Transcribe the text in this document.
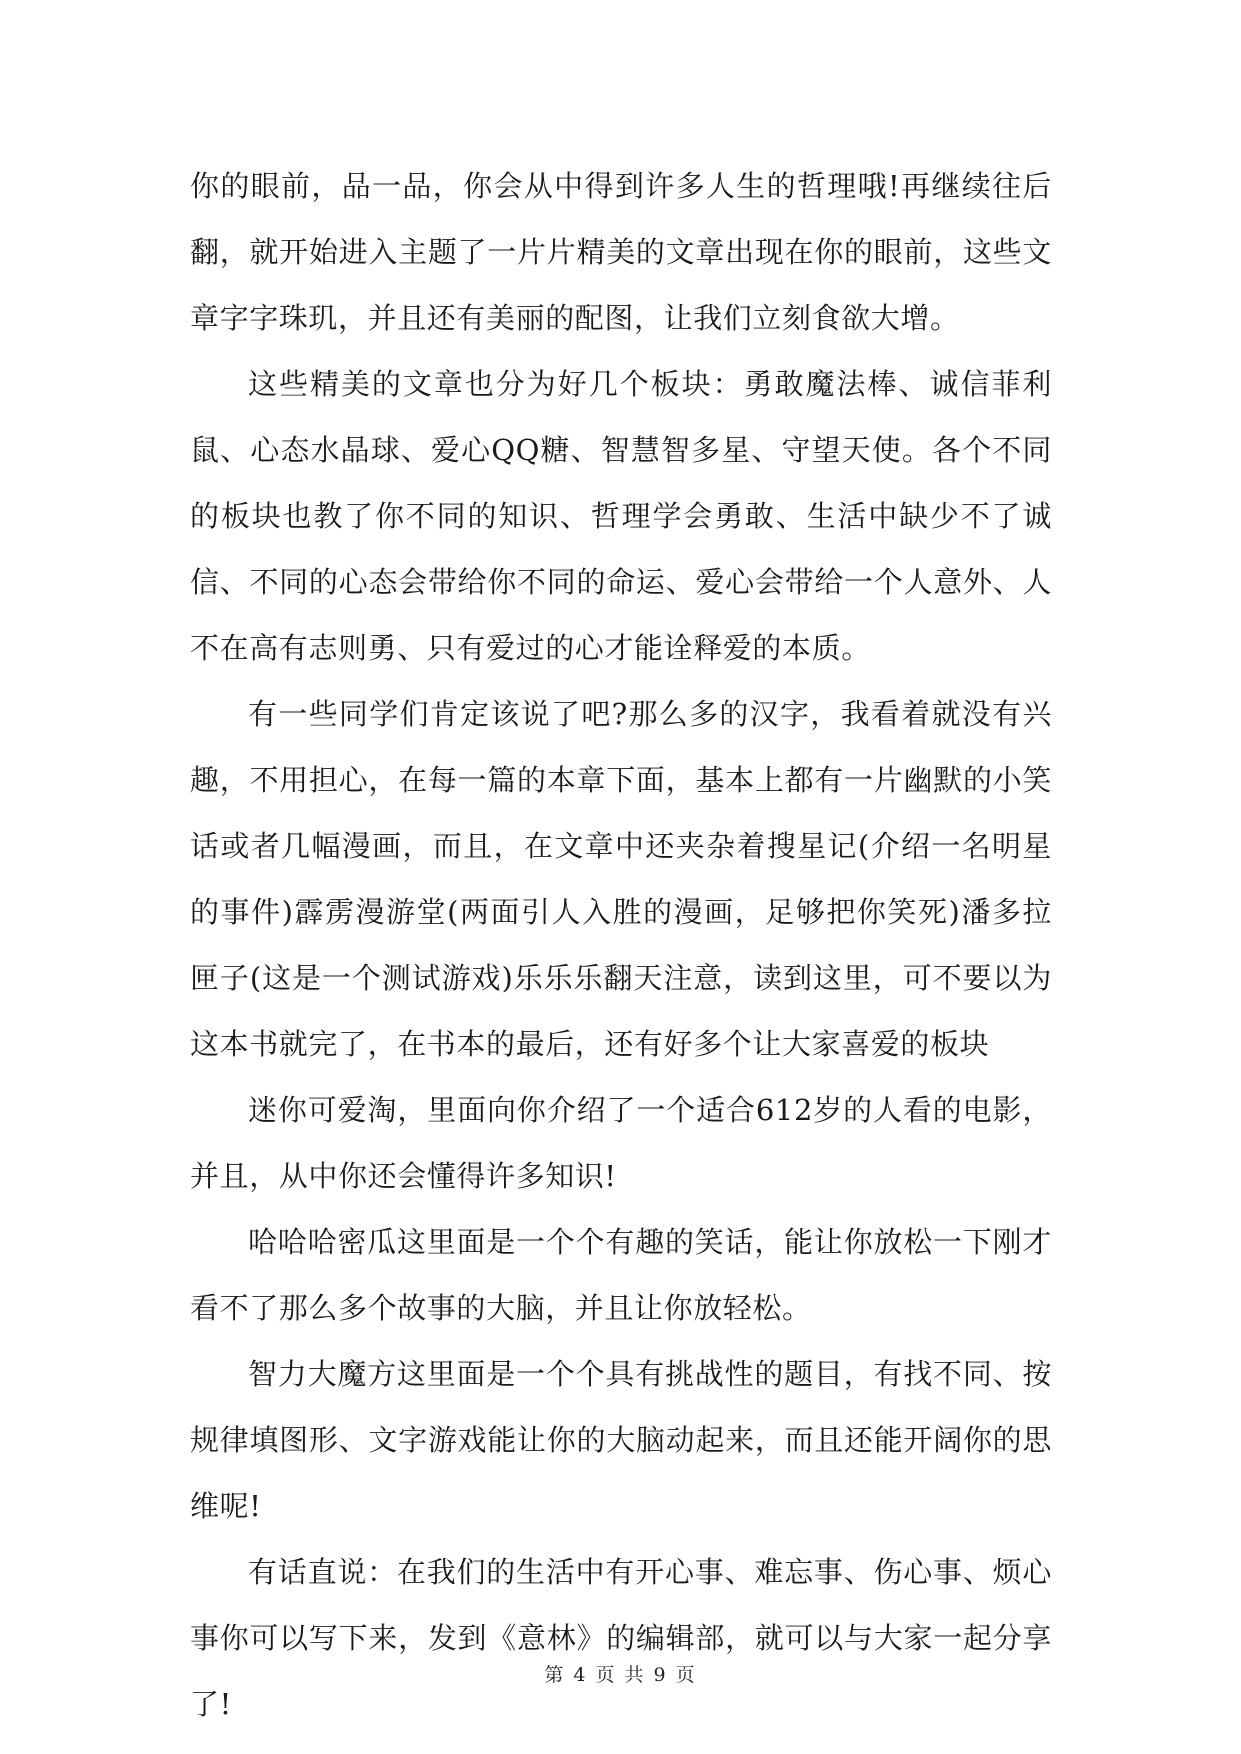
你的眼前，品一品，你会从中得到许多人生的哲理哦!再继续往后翻，就开始进入主题了一片片精美的文章出现在你的眼前，这些文章字字珠玑，并且还有美丽的配图，让我们立刻食欲大增。

这些精美的文章也分为好几个板块：勇敢魔法棒、诚信菲利鼠、心态水晶球、爱心QQ糖、智慧智多星、守望天使。各个不同的板块也教了你不同的知识、哲理学会勇敢、生活中缺少不了诚信、不同的心态会带给你不同的命运、爱心会带给一个人意外、人不在高有志则勇、只有爱过的心才能诠释爱的本质。

有一些同学们肯定该说了吧?那么多的汉字，我看着就没有兴趣，不用担心，在每一篇的本章下面，基本上都有一片幽默的小笑话或者几幅漫画，而且，在文章中还夹杂着搜星记(介绍一名明星的事件)霹雳漫游堂(两面引人入胜的漫画，足够把你笑死)潘多拉匣子(这是一个测试游戏)乐乐乐翻天注意，读到这里，可不要以为这本书就完了，在书本的最后，还有好多个让大家喜爱的板块

迷你可爱淘，里面向你介绍了一个适合612岁的人看的电影，并且，从中你还会懂得许多知识!

哈哈哈密瓜这里面是一个个有趣的笑话，能让你放松一下刚才看不了那么多个故事的大脑，并且让你放轻松。

智力大魔方这里面是一个个具有挑战性的题目，有找不同、按规律填图形、文字游戏能让你的大脑动起来，而且还能开阔你的思维呢!

有话直说：在我们的生活中有开心事、难忘事、伤心事、烦心事你可以写下来，发到《意林》的编辑部，就可以与大家一起分享了!

第 4 页 共 9 页
